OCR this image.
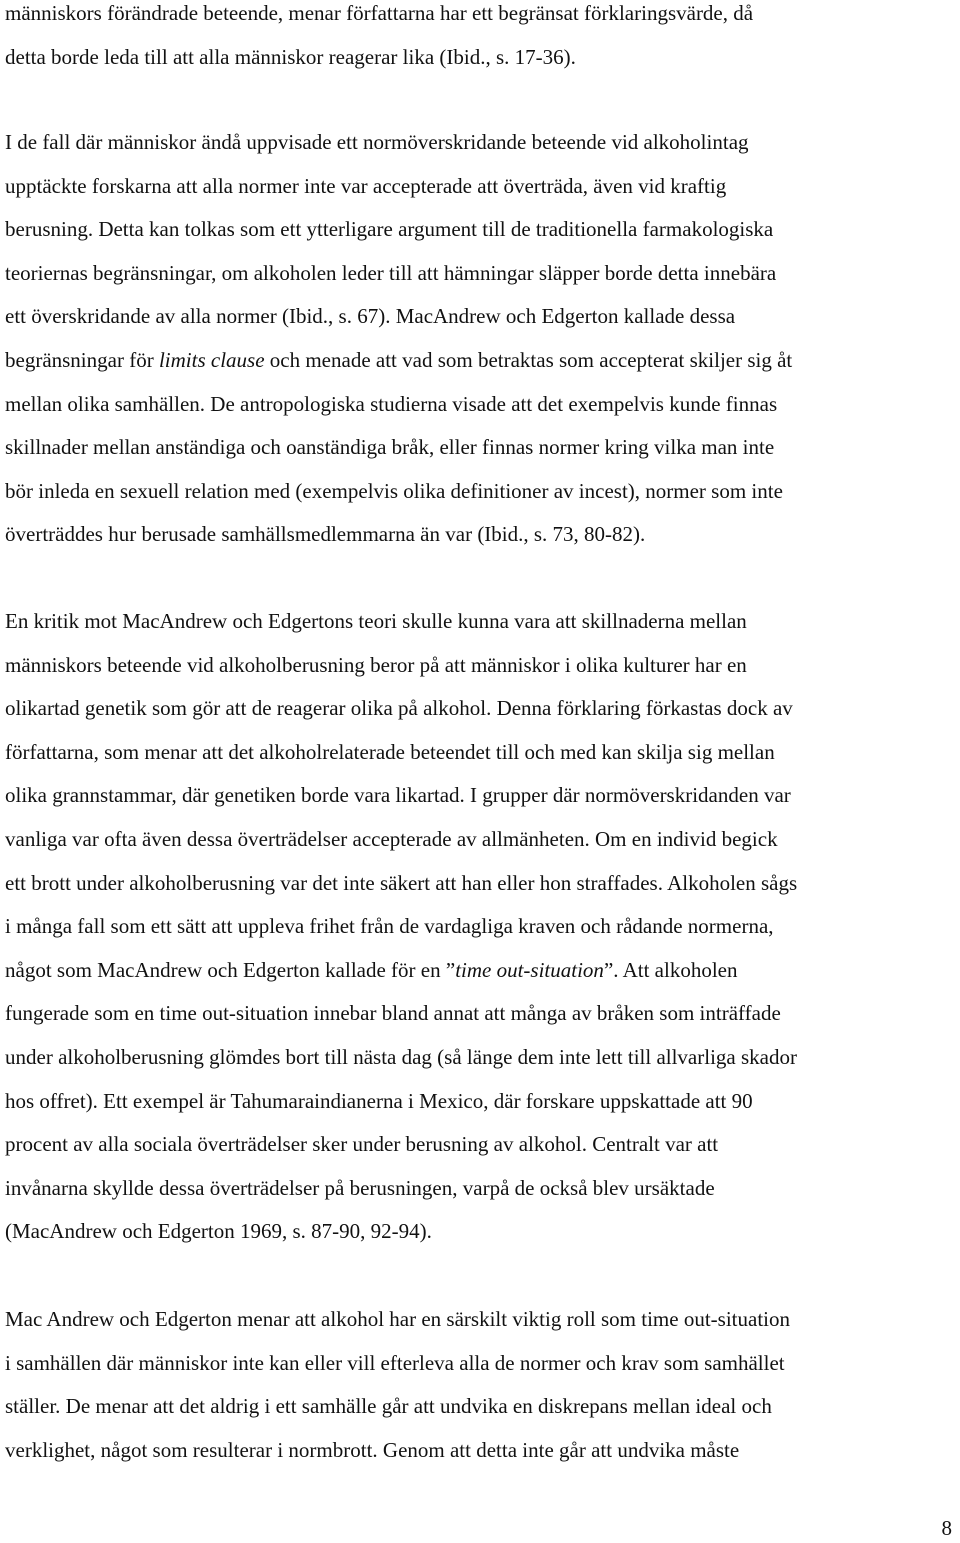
människors förändrade beteende, menar författarna har ett begränsat förklaringsvärde, då
detta borde leda till att alla människor reagerar lika (Ibid., s. 17-36).
I de fall där människor ändå uppvisade ett normöverskridande beteende vid alkoholintag
upptäckte forskarna att alla normer inte var accepterade att överträda, även vid kraftig
berusning. Detta kan tolkas som ett ytterligare argument till de traditionella farmakologiska
teoriernas begränsningar, om alkoholen leder till att hämningar släpper borde detta innebära
ett överskridande av alla normer (Ibid., s. 67). MacAndrew och Edgerton kallade dessa
begränsningar för limits clause och menade att vad som betraktas som accepterat skiljer sig åt
mellan olika samhällen. De antropologiska studierna visade att det exempelvis kunde finnas
skillnader mellan anständiga och oanständiga bråk, eller finnas normer kring vilka man inte
bör inleda en sexuell relation med (exempelvis olika definitioner av incest), normer som inte
överträddes hur berusade samhällsmedlemmarna än var (Ibid., s. 73, 80-82).
En kritik mot MacAndrew och Edgertons teori skulle kunna vara att skillnaderna mellan
människors beteende vid alkoholberusning beror på att människor i olika kulturer har en
olikartad genetik som gör att de reagerar olika på alkohol. Denna förklaring förkastas dock av
författarna, som menar att det alkoholrelaterade beteendet till och med kan skilja sig mellan
olika grannstammar, där genetiken borde vara likartad. I grupper där normöverskridanden var
vanliga var ofta även dessa överträdelser accepterade av allmänheten. Om en individ begick
ett brott under alkoholberusning var det inte säkert att han eller hon straffades. Alkoholen sågs
i många fall som ett sätt att uppleva frihet från de vardagliga kraven och rådande normerna,
något som MacAndrew och Edgerton kallade för en ”time out-situation”. Att alkoholen
fungerade som en time out-situation innebar bland annat att många av bråken som inträffade
under alkoholberusning glömdes bort till nästa dag (så länge dem inte lett till allvarliga skador
hos offret). Ett exempel är Tahumaraindianerna i Mexico, där forskare uppskattade att 90
procent av alla sociala överträdelser sker under berusning av alkohol. Centralt var att
invånarna skyllde dessa överträdelser på berusningen, varpå de också blev ursäktade
(MacAndrew och Edgerton 1969, s. 87-90, 92-94).
Mac Andrew och Edgerton menar att alkohol har en särskilt viktig roll som time out-situation
i samhällen där människor inte kan eller vill efterleva alla de normer och krav som samhället
ställer. De menar att det aldrig i ett samhälle går att undvika en diskrepans mellan ideal och
verklighet, något som resulterar i normbrott. Genom att detta inte går att undvika måste
8
